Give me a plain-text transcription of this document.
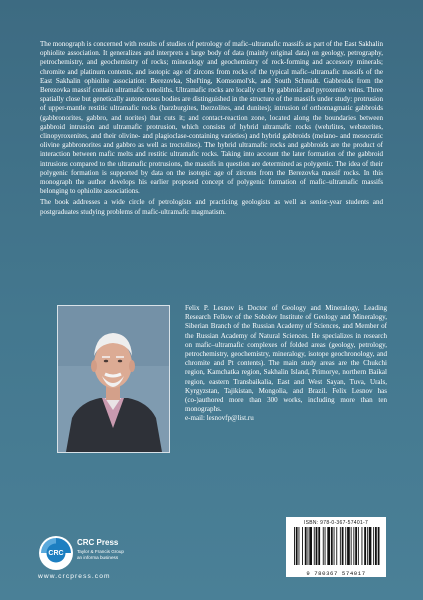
The monograph is concerned with results of studies of petrology of mafic–ultramafic massifs as part of the East Sakhalin ophiolite association. It generalizes and interprets a large body of data (mainly original data) on geology, petrography, petrochemistry, and geochemistry of rocks; mineralogy and geochemistry of rock-forming and accessory minerals; chromite and platinum contents, and isotopic age of zircons from rocks of the typical mafic–ultramafic massifs of the East Sakhalin ophiolite association: Berezovka, Shel'ting, Komsomol'sk, and South Schmidt. Gabbroids from the Berezovka massif contain ultramafic xenoliths. Ultramafic rocks are locally cut by gabbroid and pyroxenite veins. Three spatially close but genetically autonomous bodies are distinguished in the structure of the massifs under study: protrusion of upper-mantle restitic ultramafic rocks (harzburgites, lherzolites, and dunites); intrusion of orthomagmatic gabbroids (gabbronorites, gabbro, and norites) that cuts it; and contact-reaction zone, located along the boundaries between gabbroid intrusion and ultramafic protrusion, which consists of hybrid ultramafic rocks (wehrlites, websterites, clinopyroxenites, and their olivine- and plagioclase-containing varieties) and hybrid gabbroids (melano- and mesocratic olivine gabbronorites and gabbro as well as troctolites). The hybrid ultramafic rocks and gabbroids are the product of interaction between mafic melts and restitic ultramafic rocks. Taking into account the later formation of the gabbroid intrusions compared to the ultramafic protrusions, the massifs in question are determined as polygenic. The idea of their polygenic formation is supported by data on the isotopic age of zircons from the Berezovka massif rocks. In this monograph the author develops his earlier proposed concept of polygenic formation of mafic–ultramafic massifs belonging to ophiolite associations.

The book addresses a wide circle of petrologists and practicing geologists as well as senior-year students and postgraduates studying problems of mafic-ultramafic magmatism.

Felix P. Lesnov is Doctor of Geology and Mineralogy, Leading Research Fellow of the Sobolev Institute of Geology and Mineralogy, Siberian Branch of the Russian Academy of Sciences, and Member of the Russian Academy of Natural Sciences. He specializes in research on mafic–ultramafic complexes of folded areas (geology, petrology, petrochemistry, geochemistry, mineralogy, isotope geochronology, and chromite and Pt contents). The main study areas are the Chukchi region, Kamchatka region, Sakhalin Island, Primorye, northern Baikal region, eastern Transbaikalia, East and West Sayan, Tuva, Urals, Kyrgyzstan, Tajikistan, Mongolia, and Brazil. Felix Lesnov has (co-)authored more than 300 works, including more than ten monographs.
e-mail: lesnovfp@list.ru
CRC
CRC Press
Taylor & Francis Group
an informa business
www.crcpress.com
ISBN: 978-0-367-57401-7
9 780367 574017
